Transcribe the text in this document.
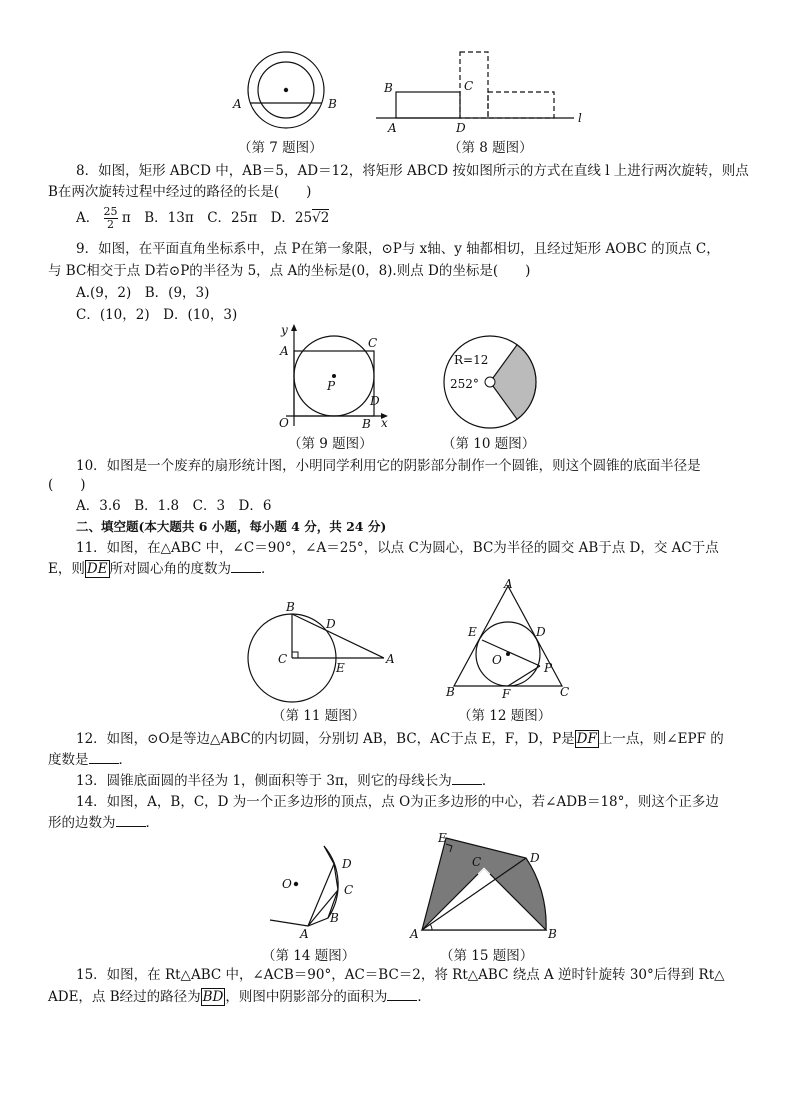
A	B
（第 7 题图）
B	C
A	D
l
（第 8 题图）
8．如图，矩形 ABCD 中，AB＝5，AD＝12，将矩形 ABCD 按如图所示的方式在直线 l 上进行两次旋转，则点
B在两次旋转过程中经过的路径的长是(　　)
A． $\frac{25}{2}$ π　 B．13π　C．25π　D．25√2
9．如图，在平面直角坐标系中，点 P在第一象限，⊙P与 x轴、y 轴都相切，且经过矩形 AOBC 的顶点 C，
与 BC相交于点 D若⊙P的半径为 5，点 A的坐标是(0，8).则点 D的坐标是(　　)
A.(9，2)　B．(9，3)
C．(10，2)　D．(10，3)
y
A
C
P
D
O	B x
（第 9 题图）
R=12
252°
（第 10 题图）
10．如图是一个废弃的扇形统计图，小明同学利用它的阴影部分制作一个圆锥，则这个圆锥的底面半径是
(　　)
A．3.6　B．1.8　C．3　D．6
二、填空题(本大题共 6 小题，每小题 4 分，共 24 分)
11．如图，在△ABC 中，∠C＝90°，∠A＝25°，以点 C为圆心，BC为半径的圆交 AB于点 D，交 AC于点
E，则 DE 所对圆心角的度数为 ．
B
D
C
E
A
（第 11 题图）
A
E	D
O
P
B	F	C
（第 12 题图）
12．如图，⊙O是等边△ABC的内切圆，分别切 AB，BC，AC于点 E，F，D，P是 DF 上一点，则∠EPF 的
度数是 ．
13．圆锥底面圆的半径为 1，侧面积等于 3π，则它的母线长为 ．
14．如图，A，B，C，D 为一个正多边形的顶点，点 O为正多边形的中心，若∠ADB＝18°，则这个正多边
形的边数为 ．
O
D
C
B
A
（第 14 题图）
E
C	D
A	B
（第 15 题图）
15．如图，在 Rt△ABC 中，∠ACB＝90°，AC＝BC＝2，将 Rt△ABC 绕点 A 逆时针旋转 30°后得到 Rt△
ADE，点 B经过的路径为 BD ，则图中阴影部分的面积为 ．
